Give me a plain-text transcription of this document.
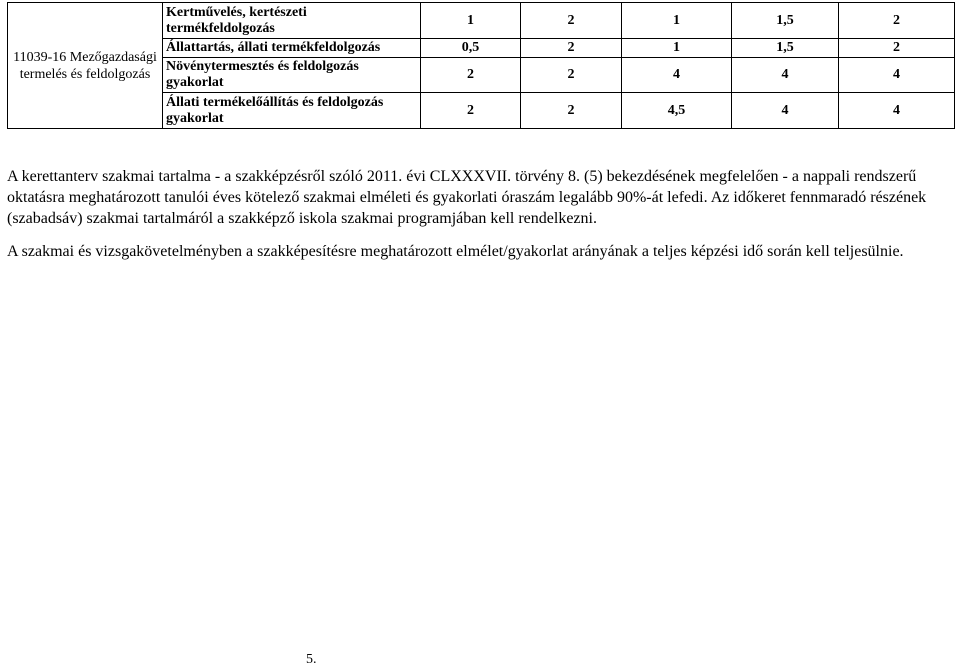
11039-16 Mezőgazdasági termelés és feldolgozás	Kertművelés, kertészeti termékfeldolgozás	1	2	1	1,5	2
	Állattartás, állati termékfeldolgozás	0,5	2	1	1,5	2
	Növénytermesztés és feldolgozás gyakorlat	2	2	4	4	4
	Állati termékelőállítás és feldolgozás gyakorlat	2	2	4,5	4	4

A kerettanterv szakmai tartalma - a szakképzésről szóló 2011. évi CLXXXVII. törvény 8. (5) bekezdésének megfelelően - a nappali rendszerű oktatásra meghatározott tanulói éves kötelező szakmai elméleti és gyakorlati óraszám legalább 90%-át lefedi. Az időkeret fennmaradó részének (szabadsáv) szakmai tartalmáról a szakképző iskola szakmai programjában kell rendelkezni.

A szakmai és vizsgakövetelményben a szakképesítésre meghatározott elmélet/gyakorlat arányának a teljes képzési idő során kell teljesülnie.

5.
